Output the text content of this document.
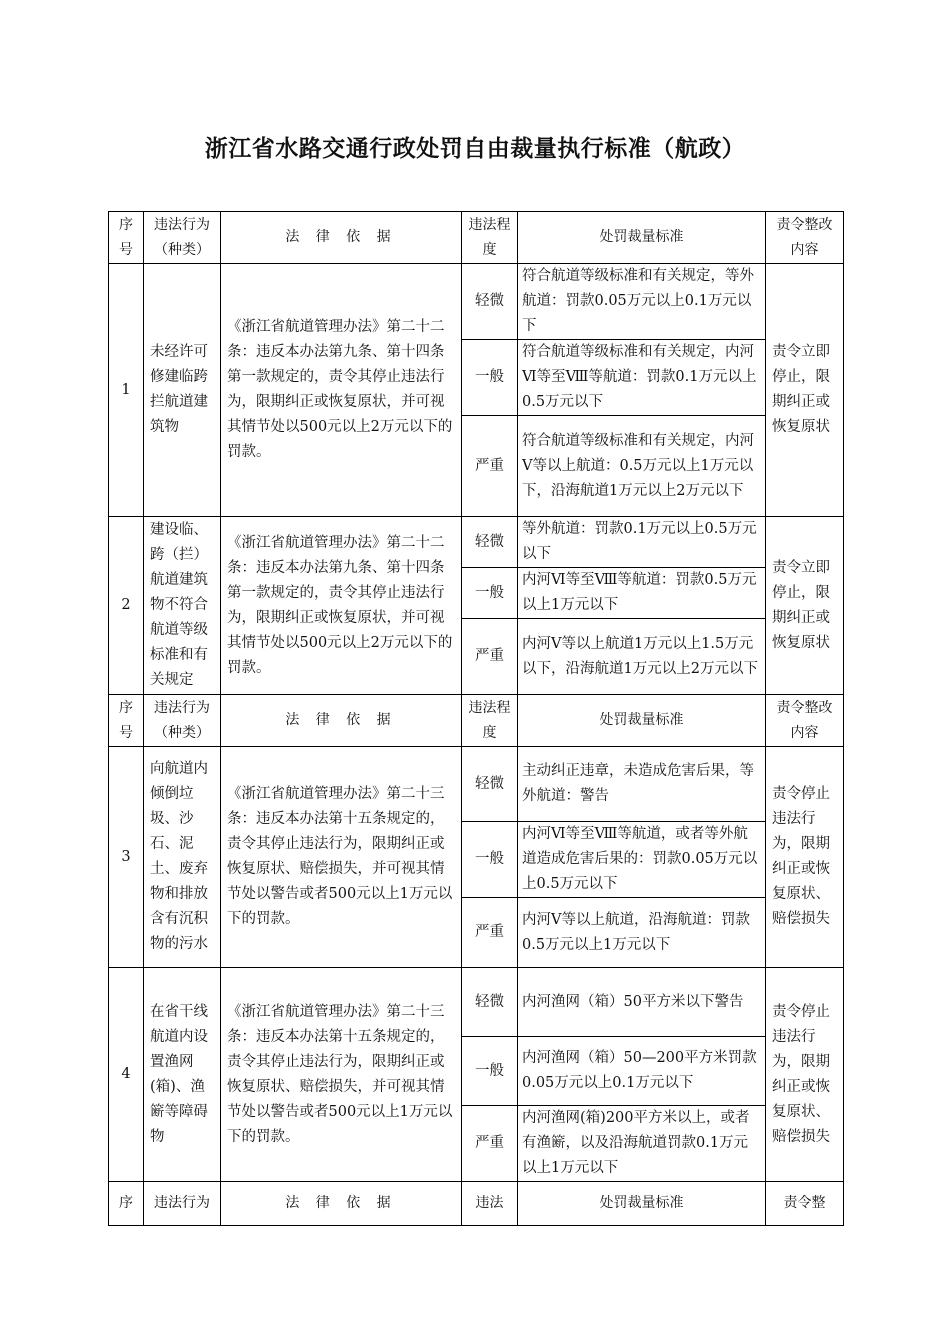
浙江省水路交通行政处罚自由裁量执行标准（航政）
序号	违法行为（种类）	法 律 依 据	违法程度	处罚裁量标准	责令整改内容
1	未经许可修建临跨拦航道建筑物	《浙江省航道管理办法》第二十二条：违反本办法第九条、第十四条第一款规定的，责令其停止违法行为，限期纠正或恢复原状，并可视其情节处以500元以上2万元以下的罚款。	轻微	符合航道等级标准和有关规定，等外航道：罚款0.05万元以上0.1万元以下	责令立即停止，限期纠正或恢复原状
			一般	符合航道等级标准和有关规定，内河Ⅵ等至Ⅷ等航道：罚款0.1万元以上0.5万元以下	
			严重	符合航道等级标准和有关规定，内河Ⅴ等以上航道：0.5万元以上1万元以下，沿海航道1万元以上2万元以下	
2	建设临、跨（拦）航道建筑物不符合航道等级标准和有关规定	《浙江省航道管理办法》第二十二条：违反本办法第九条、第十四条第一款规定的，责令其停止违法行为，限期纠正或恢复原状，并可视其情节处以500元以上2万元以下的罚款。	轻微	等外航道：罚款0.1万元以上0.5万元以下	责令立即停止，限期纠正或恢复原状
			一般	内河Ⅵ等至Ⅷ等航道：罚款0.5万元以上1万元以下	
			严重	内河Ⅴ等以上航道1万元以上1.5万元以下，沿海航道1万元以上2万元以下	
序号	违法行为（种类）	法 律 依 据	违法程度	处罚裁量标准	责令整改内容
3	向航道内倾倒垃圾、沙石、泥土、废弃物和排放含有沉积物的污水	《浙江省航道管理办法》第二十三条：违反本办法第十五条规定的，责令其停止违法行为，限期纠正或恢复原状、赔偿损失，并可视其情节处以警告或者500元以上1万元以下的罚款。	轻微	主动纠正违章，未造成危害后果，等外航道：警告	责令停止违法行为，限期纠正或恢复原状、赔偿损失
			一般	内河Ⅵ等至Ⅷ等航道，或者等外航道造成危害后果的：罚款0.05万元以上0.5万元以下	
			严重	内河Ⅴ等以上航道，沿海航道：罚款0.5万元以上1万元以下	
4	在省干线航道内设置渔网(箱)、渔簖等障碍物	《浙江省航道管理办法》第二十三条：违反本办法第十五条规定的，责令其停止违法行为，限期纠正或恢复原状、赔偿损失，并可视其情节处以警告或者500元以上1万元以下的罚款。	轻微	内河渔网（箱）50平方米以下警告	责令停止违法行为，限期纠正或恢复原状、赔偿损失
			一般	内河渔网（箱）50—200平方米罚款0.05万元以上0.1万元以下	
			严重	内河渔网(箱)200平方米以上，或者有渔簖，以及沿海航道罚款0.1万元以上1万元以下	
序	违法行为	法 律 依 据	违法	处罚裁量标准	责令整
